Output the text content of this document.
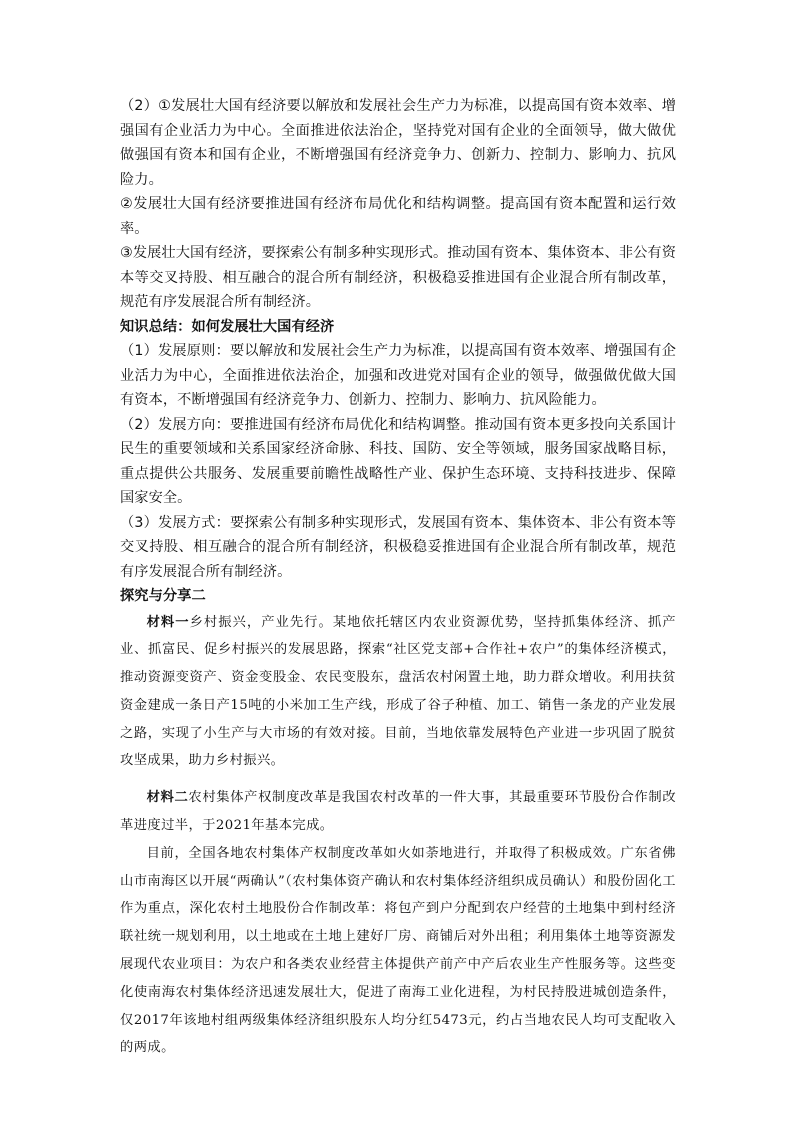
（2）①发展壮大国有经济要以解放和发展社会生产力为标准，以提高国有资本效率、增强国有企业活力为中心。全面推进依法治企，坚持党对国有企业的全面领导，做大做优做强国有资本和国有企业，不断增强国有经济竞争力、创新力、控制力、影响力、抗风险力。

②发展壮大国有经济要推进国有经济布局优化和结构调整。提高国有资本配置和运行效率。

③发展壮大国有经济，要探索公有制多种实现形式。推动国有资本、集体资本、非公有资本等交叉持股、相互融合的混合所有制经济，积极稳妥推进国有企业混合所有制改革，规范有序发展混合所有制经济。

知识总结：如何发展壮大国有经济

（1）发展原则：要以解放和发展社会生产力为标准，以提高国有资本效率、增强国有企业活力为中心，全面推进依法治企，加强和改进党对国有企业的领导，做强做优做大国有资本，不断增强国有经济竞争力、创新力、控制力、影响力、抗风险能力。

（2）发展方向：要推进国有经济布局优化和结构调整。推动国有资本更多投向关系国计民生的重要领域和关系国家经济命脉、科技、国防、安全等领域，服务国家战略目标，重点提供公共服务、发展重要前瞻性战略性产业、保护生态环境、支持科技进步、保障国家安全。

（3）发展方式：要探索公有制多种实现形式，发展国有资本、集体资本、非公有资本等交叉持股、相互融合的混合所有制经济，积极稳妥推进国有企业混合所有制改革，规范有序发展混合所有制经济。

探究与分享二

材料一乡村振兴，产业先行。某地依托辖区内农业资源优势，坚持抓集体经济、抓产业、抓富民、促乡村振兴的发展思路，探索“社区党支部+合作社+农户”的集体经济模式，推动资源变资产、资金变股金、农民变股东，盘活农村闲置土地，助力群众增收。利用扶贫资金建成一条日产15吨的小米加工生产线，形成了谷子种植、加工、销售一条龙的产业发展之路，实现了小生产与大市场的有效对接。目前，当地依靠发展特色产业进一步巩固了脱贫攻坚成果，助力乡村振兴。

材料二农村集体产权制度改革是我国农村改革的一件大事，其最重要环节股份合作制改革进度过半，于2021年基本完成。

目前，全国各地农村集体产权制度改革如火如荼地进行，并取得了积极成效。广东省佛山市南海区以开展“两确认”（农村集体资产确认和农村集体经济组织成员确认）和股份固化工作为重点，深化农村土地股份合作制改革：将包产到户分配到农户经营的土地集中到村经济联社统一规划利用，以土地或在土地上建好厂房、商铺后对外出租；利用集体土地等资源发展现代农业项目：为农户和各类农业经营主体提供产前产中产后农业生产性服务等。这些变化使南海农村集体经济迅速发展壮大，促进了南海工业化进程，为村民持股进城创造条件，仅2017年该地村组两级集体经济组织股东人均分红5473元，约占当地农民人均可支配收入的两成。
